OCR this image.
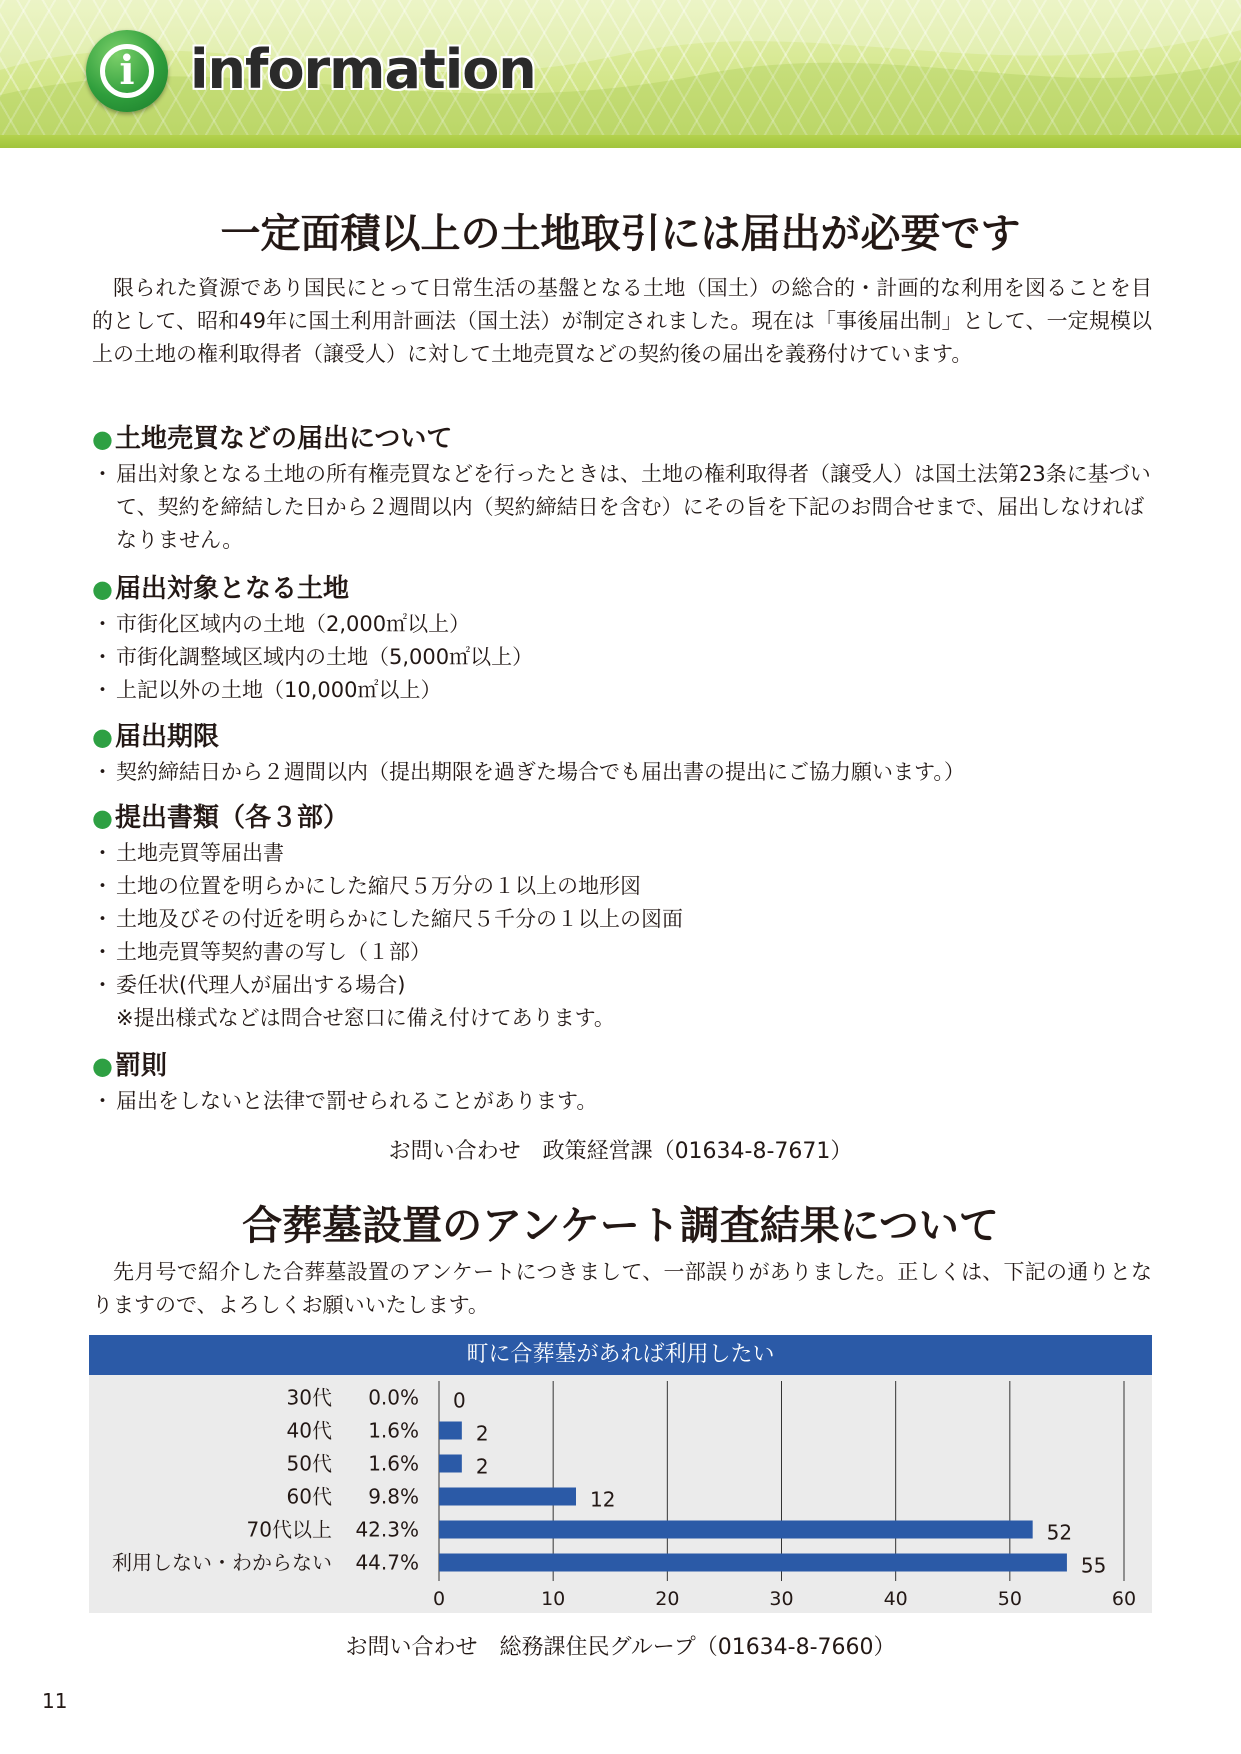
i	information
一定面積以上の土地取引には届出が必要です
限られた資源であり国民にとって日常生活の基盤となる土地（国土）の総合的・計画的な利用を図ることを目的として、昭和49年に国土利用計画法（国土法）が制定されました。現在は「事後届出制」として、一定規模以上の土地の権利取得者（譲受人）に対して土地売買などの契約後の届出を義務付けています。
●土地売買などの届出について
・ 届出対象となる土地の所有権売買などを行ったときは、土地の権利取得者（譲受人）は国土法第23条に基づいて、契約を締結した日から２週間以内（契約締結日を含む）にその旨を下記のお問合せまで、届出しなければなりません。
●届出対象となる土地
・ 市街化区域内の土地（2,000㎡以上）
・ 市街化調整域区域内の土地（5,000㎡以上）
・ 上記以外の土地（10,000㎡以上）
●届出期限
・ 契約締結日から２週間以内（提出期限を過ぎた場合でも届出書の提出にご協力願います。）
●提出書類（各３部）
・ 土地売買等届出書
・ 土地の位置を明らかにした縮尺５万分の１以上の地形図
・ 土地及びその付近を明らかにした縮尺５千分の１以上の図面
・ 土地売買等契約書の写し（１部）
・ 委任状(代理人が届出する場合)
※提出様式などは問合せ窓口に備え付けてあります。
●罰則
・ 届出をしないと法律で罰せられることがあります。
お問い合わせ　政策経営課（01634-8-7671）
合葬墓設置のアンケート調査結果について
先月号で紹介した合葬墓設置のアンケートにつきまして、一部誤りがありました。正しくは、下記の通りとなりますので、よろしくお願いいたします。
町に合葬墓があれば利用したい
0	10	20	30	40	50	60
30代 0.0% 0
40代 1.6%	2
50代 1.6%	2
60代 9.8%	12
70代以上 42.3%	52
利用しない・わからない 44.7%	55
お問い合わせ　総務課住民グループ（01634-8-7660）
11
